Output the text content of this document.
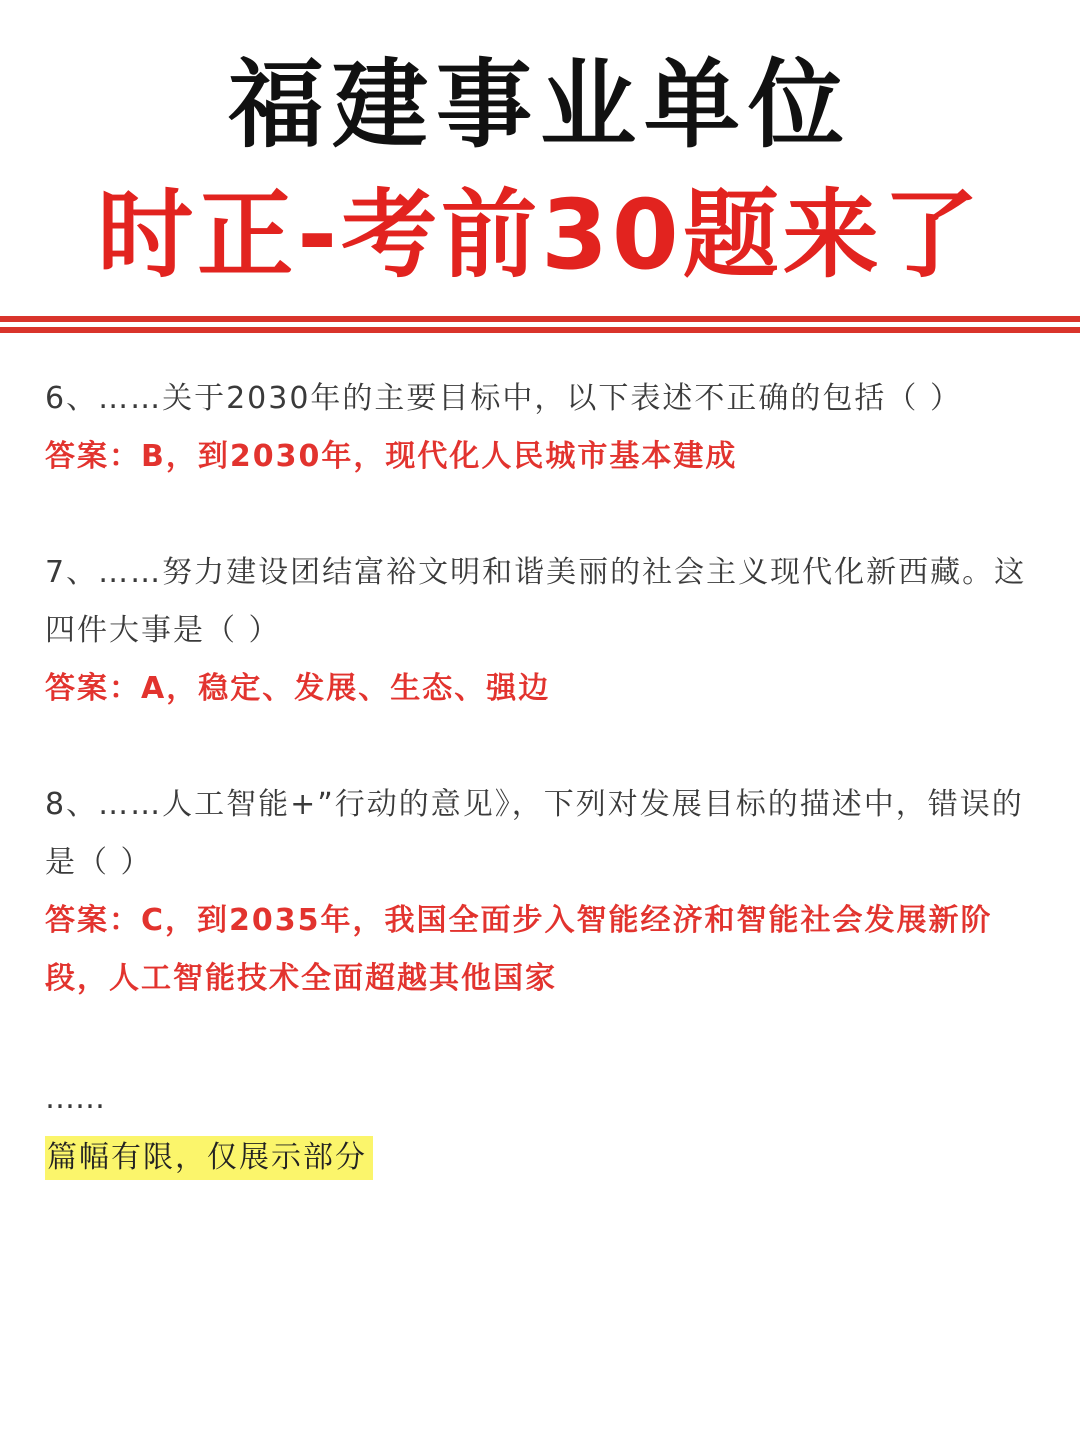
福建事业单位
时正-考前30题来了

6、……关于2030年的主要目标中，以下表述不正确的包括（ ）

答案：B，到2030年，现代化人民城市基本建成

7、……努力建设团结富裕文明和谐美丽的社会主义现代化新西藏。这四件大事是（ ）

答案：A，稳定、发展、生态、强边

8、……人工智能+”行动的意见》，下列对发展目标的描述中，错误的是（ ）

答案：C，到2035年，我国全面步入智能经济和智能社会发展新阶段，人工智能技术全面超越其他国家

……

篇幅有限，仅展示部分
